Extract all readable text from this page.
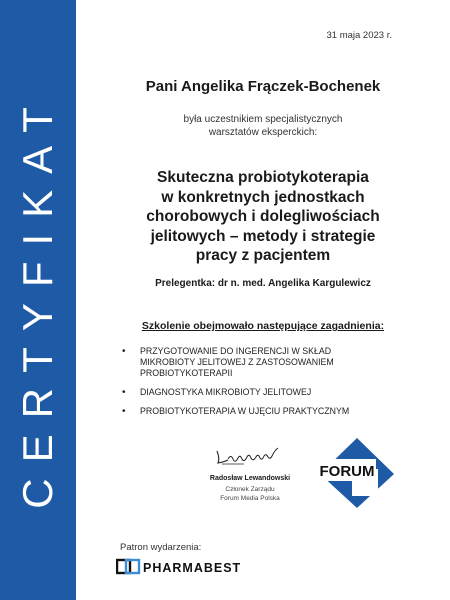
CERTYFIKAT
31 maja 2023 r.
Pani Angelika Frączek-Bochenek
była uczestnikiem specjalistycznych
warsztatów eksperckich:
Skuteczna probiotykoterapia
w konkretnych jednostkach
chorobowych i dolegliwościach
jelitowych – metody i strategie
pracy z pacjentem
Prelegentka: dr n. med. Angelika Kargulewicz
Szkolenie obejmowało następujące zagadnienia:
• PRZYGOTOWANIE DO INGERENCJI W SKŁAD
MIKROBIOTY JELITOWEJ Z ZASTOSOWANIEM
PROBIOTYKOTERAPII
• DIAGNOSTYKA MIKROBIOTY JELITOWEJ
• PROBIOTYKOTERAPIA W UJĘCIU PRAKTYCZNYM
Radosław Lewandowski
Członek Zarządu
Forum Media Polska
FORUM
Patron wydarzenia:
PHARMABEST
